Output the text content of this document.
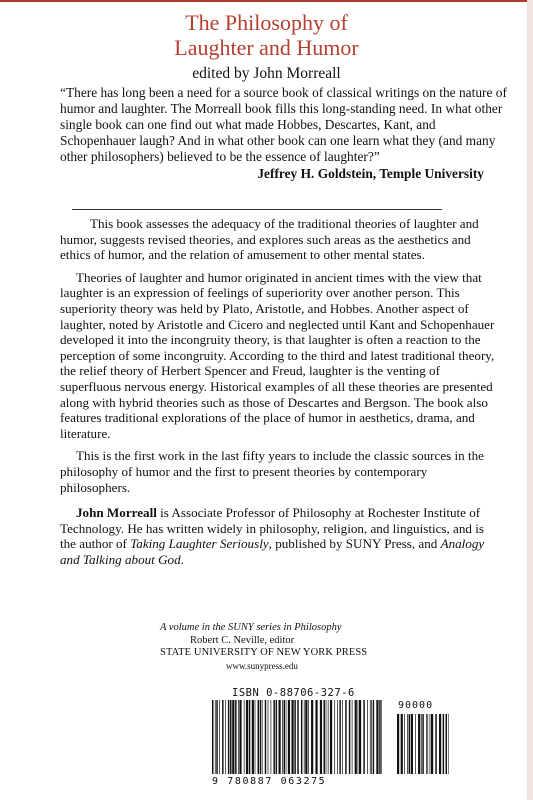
The Philosophy of
Laughter and Humor
edited by John Morreall

“There has long been a need for a source book of classical writings on the nature of humor and laughter. The Morreall book fills this long-standing need. In what other single book can one find out what made Hobbes, Descartes, Kant, and Schopenhauer laugh? And in what other book can one learn what they (and many other philosophers) believed to be the essence of laughter?”

Jeffrey H. Goldstein, Temple University

This book assesses the adequacy of the traditional theories of laughter and humor, suggests revised theories, and explores such areas as the aesthetics and ethics of humor, and the relation of amusement to other mental states.

Theories of laughter and humor originated in ancient times with the view that laughter is an expression of feelings of superiority over another person. This superiority theory was held by Plato, Aristotle, and Hobbes. Another aspect of laughter, noted by Aristotle and Cicero and neglected until Kant and Schopenhauer developed it into the incongruity theory, is that laughter is often a reaction to the perception of some incongruity. According to the third and latest traditional theory, the relief theory of Herbert Spencer and Freud, laughter is the venting of superfluous nervous energy. Historical examples of all these theories are presented along with hybrid theories such as those of Descartes and Bergson. The book also features traditional explorations of the place of humor in aesthetics, drama, and literature.

This is the first work in the last fifty years to include the classic sources in the philosophy of humor and the first to present theories by contemporary philosophers.

John Morreall is Associate Professor of Philosophy at Rochester Institute of Technology. He has written widely in philosophy, religion, and linguistics, and is the author of Taking Laughter Seriously, published by SUNY Press, and Analogy and Talking about God.

A volume in the SUNY series in Philosophy
Robert C. Neville, editor
STATE UNIVERSITY OF NEW YORK PRESS
www.sunypress.edu
ISBN 0-88706-327-6
90000
9 780887 063275
